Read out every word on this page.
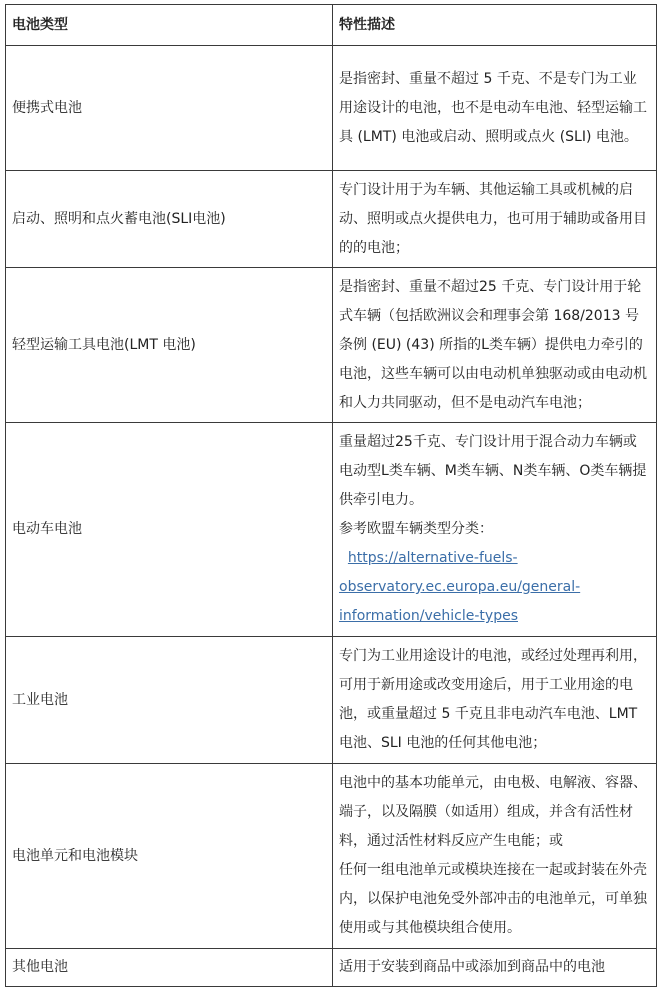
电池类型	特性描述
便携式电池	是指密封、重量不超过 5 千克、不是专门为工业用途设计的电池，也不是电动车电池、轻型运输工具 (LMT) 电池或启动、照明或点火 (SLI) 电池。

启动、照明和点火蓄电池(SLI电池)	专门设计用于为车辆、其他运输工具或机械的启动、照明或点火提供电力，也可用于辅助或备用目的的电池；

轻型运输工具电池(LMT 电池)	是指密封、重量不超过25 千克、专门设计用于轮式车辆（包括欧洲议会和理事会第 168/2013 号条例 (EU) (43) 所指的L类车辆）提供电力牵引的电池，这些车辆可以由电动机单独驱动或由电动机和人力共同驱动，但不是电动汽车电池；

电动车电池	重量超过25千克、专门设计用于混合动力车辆或电动型L类车辆、M类车辆、N类车辆、O类车辆提供牵引电力。
参考欧盟车辆类型分类：
https://alternative-fuels-observatory.ec.europa.eu/general-information/vehicle-types

工业电池	专门为工业用途设计的电池，或经过处理再利用，可用于新用途或改变用途后，用于工业用途的电池，或重量超过 5 千克且非电动汽车电池、LMT 电池、SLI 电池的任何其他电池；

电池单元和电池模块	电池中的基本功能单元，由电极、电解液、容器、端子，以及隔膜（如适用）组成，并含有活性材料，通过活性材料反应产生电能；或
任何一组电池单元或模块连接在一起或封装在外壳内，以保护电池免受外部冲击的电池单元，可单独使用或与其他模块组合使用。

其他电池	适用于安装到商品中或添加到商品中的电池
